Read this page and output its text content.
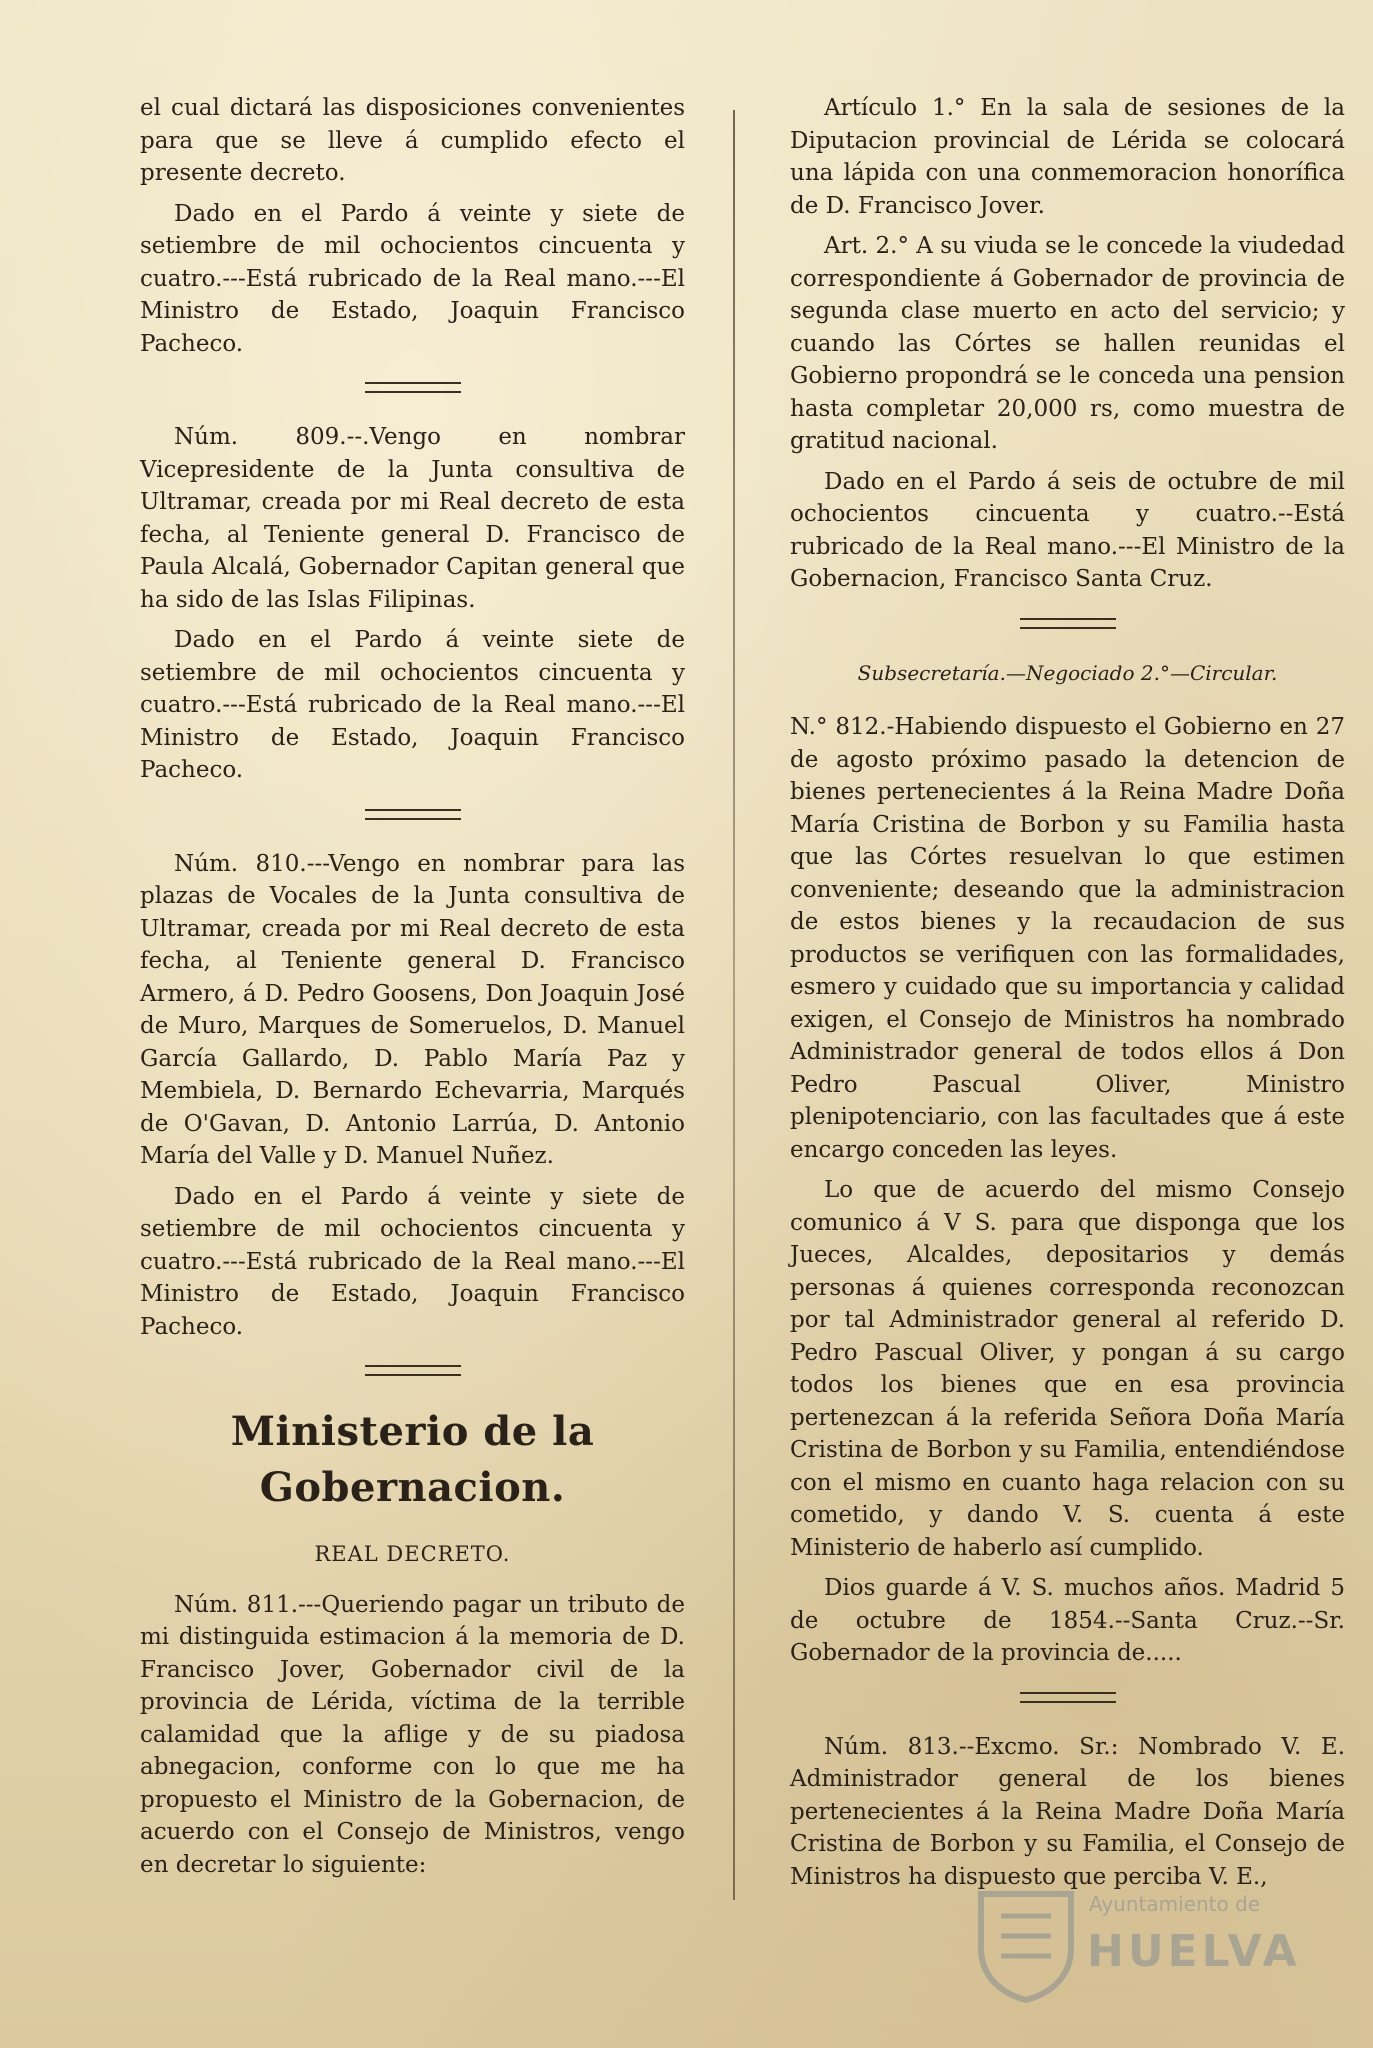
el cual dictará las disposiciones convenientes para que se lleve á cumplido efecto el presente decreto.

Dado en el Pardo á veinte y siete de setiembre de mil ochocientos cincuenta y cuatro.---Está rubricado de la Real mano.---El Ministro de Estado, Joaquin Francisco Pacheco.

Núm. 809.--.Vengo en nombrar Vicepresidente de la Junta consultiva de Ultramar, creada por mi Real decreto de esta fecha, al Teniente general D. Francisco de Paula Alcalá, Gobernador Capitan general que ha sido de las Islas Filipinas.

Dado en el Pardo á veinte siete de setiembre de mil ochocientos cincuenta y cuatro.---Está rubricado de la Real mano.---El Ministro de Estado, Joaquin Francisco Pacheco.

Núm. 810.---Vengo en nombrar para las plazas de Vocales de la Junta consultiva de Ultramar, creada por mi Real decreto de esta fecha, al Teniente general D. Francisco Armero, á D. Pedro Goosens, Don Joaquin José de Muro, Marques de Someruelos, D. Manuel García Gallardo, D. Pablo María Paz y Membiela, D. Bernardo Echevarria, Marqués de O'Gavan, D. Antonio Larrúa, D. Antonio María del Valle y D. Manuel Nuñez.

Dado en el Pardo á veinte y siete de setiembre de mil ochocientos cincuenta y cuatro.---Está rubricado de la Real mano.---El Ministro de Estado, Joaquin Francisco Pacheco.

Ministerio de la Gobernacion.

REAL DECRETO.

Núm. 811.---Queriendo pagar un tributo de mi distinguida estimacion á la memoria de D. Francisco Jover, Gobernador civil de la provincia de Lérida, víctima de la terrible calamidad que la aflige y de su piadosa abnegacion, conforme con lo que me ha propuesto el Ministro de la Gobernacion, de acuerdo con el Consejo de Ministros, vengo en decretar lo siguiente:

Artículo 1.° En la sala de sesiones de la Diputacion provincial de Lérida se colocará una lápida con una conmemoracion honorífica de D. Francisco Jover.

Art. 2.° A su viuda se le concede la viudedad correspondiente á Gobernador de provincia de segunda clase muerto en acto del servicio; y cuando las Córtes se hallen reunidas el Gobierno propondrá se le conceda una pension hasta completar 20,000 rs, como muestra de gratitud nacional.

Dado en el Pardo á seis de octubre de mil ochocientos cincuenta y cuatro.--Está rubricado de la Real mano.---El Ministro de la Gobernacion, Francisco Santa Cruz.

Subsecretaría.—Negociado 2.°—Circular.

N.° 812.-Habiendo dispuesto el Gobierno en 27 de agosto próximo pasado la detencion de bienes pertenecientes á la Reina Madre Doña María Cristina de Borbon y su Familia hasta que las Córtes resuelvan lo que estimen conveniente; deseando que la administracion de estos bienes y la recaudacion de sus productos se verifiquen con las formalidades, esmero y cuidado que su importancia y calidad exigen, el Consejo de Ministros ha nombrado Administrador general de todos ellos á Don Pedro Pascual Oliver, Ministro plenipotenciario, con las facultades que á este encargo conceden las leyes.

Lo que de acuerdo del mismo Consejo comunico á V S. para que disponga que los Jueces, Alcaldes, depositarios y demás personas á quienes corresponda reconozcan por tal Administrador general al referido D. Pedro Pascual Oliver, y pongan á su cargo todos los bienes que en esa provincia pertenezcan á la referida Señora Doña María Cristina de Borbon y su Familia, entendiéndose con el mismo en cuanto haga relacion con su cometido, y dando V. S. cuenta á este Ministerio de haberlo así cumplido.

Dios guarde á V. S. muchos años. Madrid 5 de octubre de 1854.--Santa Cruz.--Sr. Gobernador de la provincia de.....

Núm. 813.--Excmo. Sr.: Nombrado V. E. Administrador general de los bienes pertenecientes á la Reina Madre Doña María Cristina de Borbon y su Familia, el Consejo de Ministros ha dispuesto que perciba V. E.,

Ayuntamiento de
HUELVA
